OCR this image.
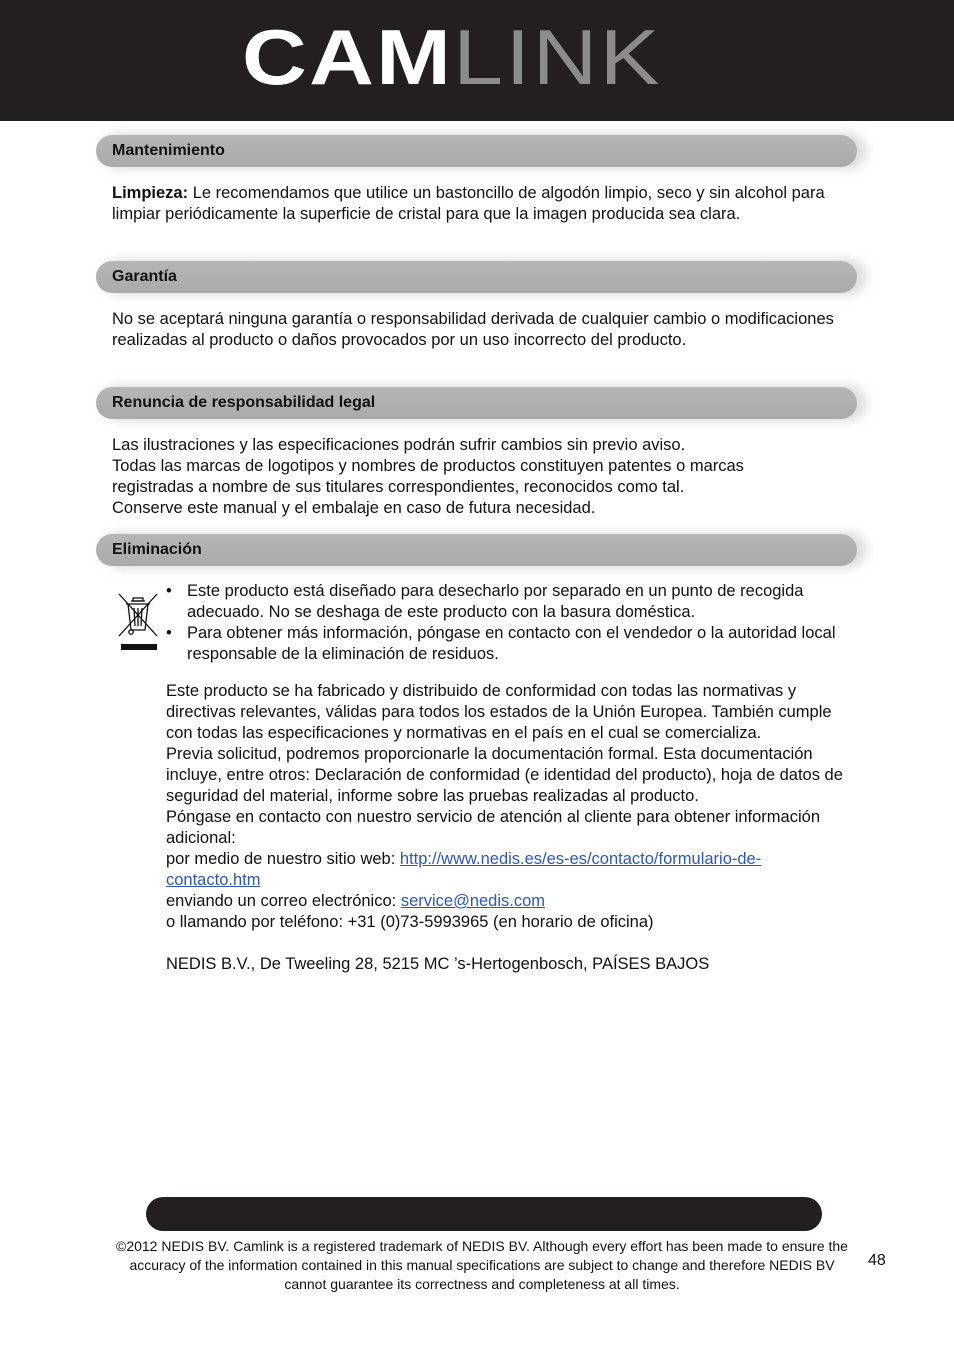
CAMLINK
Mantenimiento

Limpieza: Le recomendamos que utilice un bastoncillo de algodón limpio, seco y sin alcohol para limpiar periódicamente la superficie de cristal para que la imagen producida sea clara.

Garantía

No se aceptará ninguna garantía o responsabilidad derivada de cualquier cambio o modificaciones realizadas al producto o daños provocados por un uso incorrecto del producto.

Renuncia de responsabilidad legal

Las ilustraciones y las especificaciones podrán sufrir cambios sin previo aviso.

Todas las marcas de logotipos y nombres de productos constituyen patentes o marcas registradas a nombre de sus titulares correspondientes, reconocidos como tal.

Conserve este manual y el embalaje en caso de futura necesidad.

Eliminación
• Este producto está diseñado para desecharlo por separado en un punto de recogida adecuado. No se deshaga de este producto con la basura doméstica.
• Para obtener más información, póngase en contacto con el vendedor o la autoridad local responsable de la eliminación de residuos.

Este producto se ha fabricado y distribuido de conformidad con todas las normativas y directivas relevantes, válidas para todos los estados de la Unión Europea. También cumple con todas las especificaciones y normativas en el país en el cual se comercializa.

Previa solicitud, podremos proporcionarle la documentación formal. Esta documentación incluye, entre otros: Declaración de conformidad (e identidad del producto), hoja de datos de seguridad del material, informe sobre las pruebas realizadas al producto.

Póngase en contacto con nuestro servicio de atención al cliente para obtener información adicional:

por medio de nuestro sitio web: http://www.nedis.es/es-es/contacto/formulario-de-contacto.htm

enviando un correo electrónico: service@nedis.com

o llamando por teléfono: +31 (0)73-5993965 (en horario de oficina)

NEDIS B.V., De Tweeling 28, 5215 MC ’s-Hertogenbosch, PAÍSES BAJOS

©2012 NEDIS BV. Camlink is a registered trademark of NEDIS BV. Although every effort has been made to ensure the accuracy of the information contained in this manual specifications are subject to change and therefore NEDIS BV cannot guarantee its correctness and completeness at all times.
48
